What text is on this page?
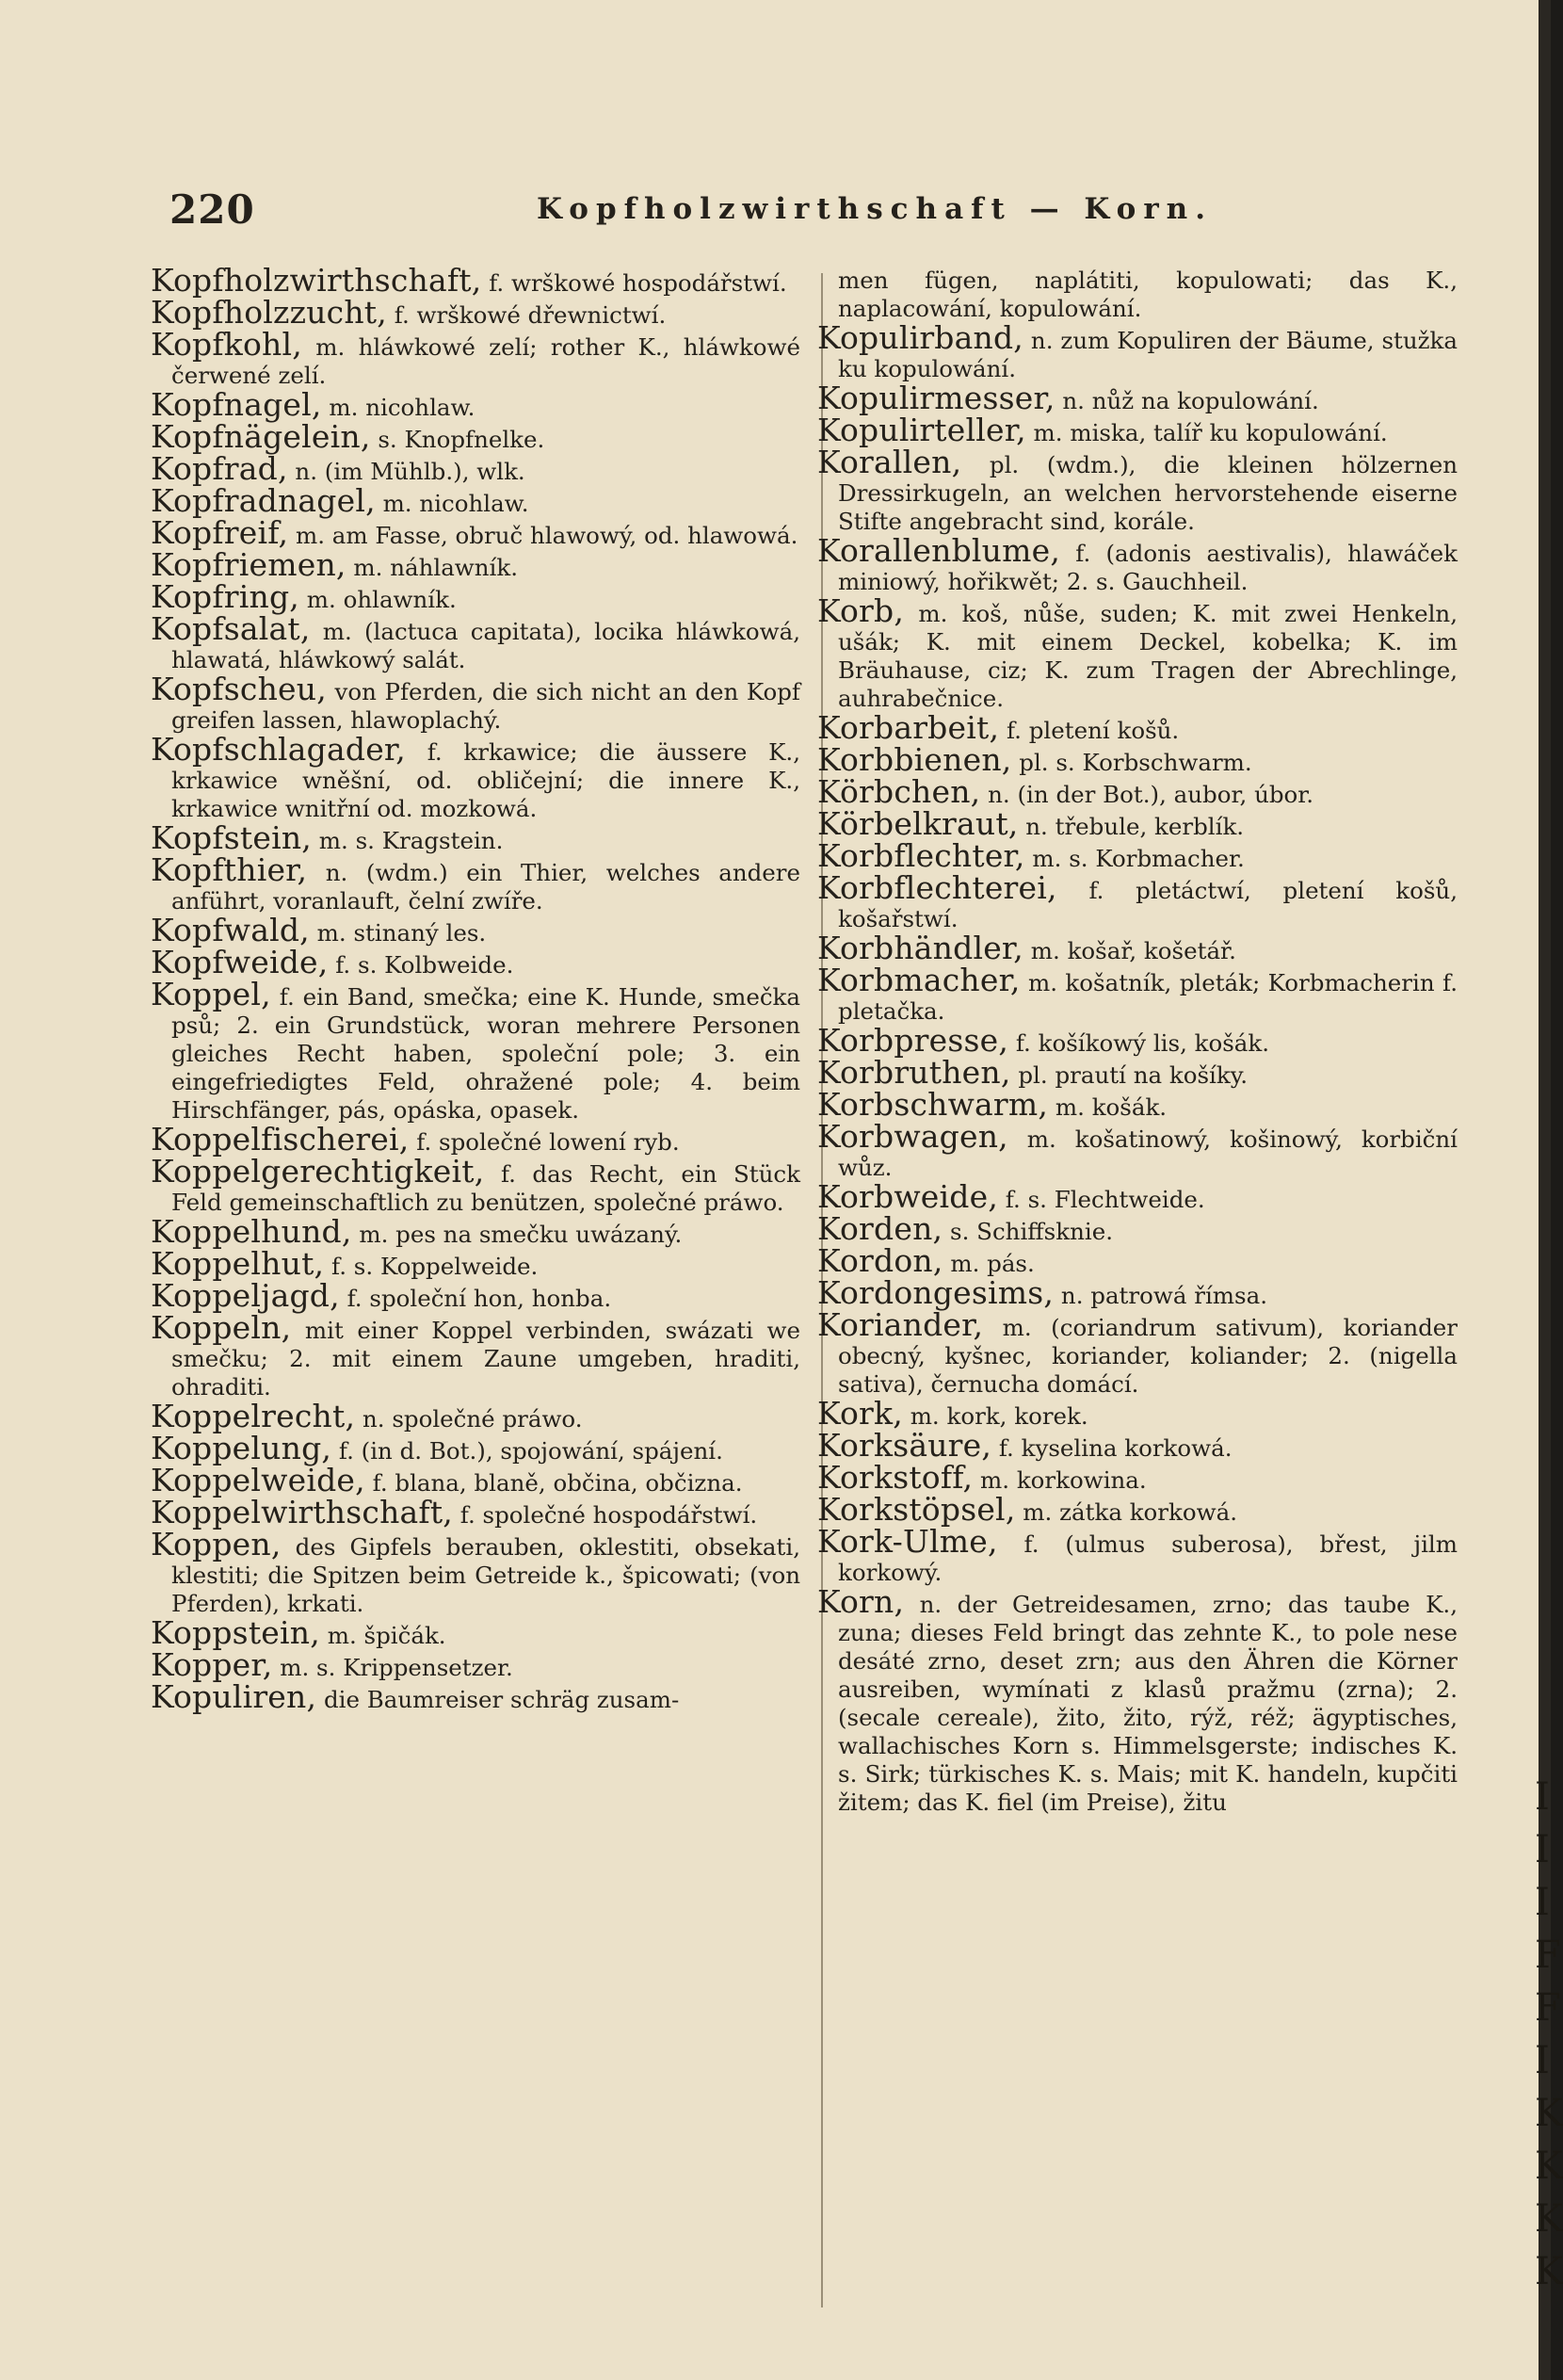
220	Kopfholzwirthschaft — Korn.
Kopfholzwirthschaft, f. wrškowé hospodářstwí.
Kopfholzzucht, f. wrškowé dřewnictwí.
Kopfkohl, m. hláwkowé zelí; rother K., hláwkowé čerwené zelí.
Kopfnagel, m. nicohlaw.
Kopfnägelein, s. Knopfnelke.
Kopfrad, n. (im Mühlb.), wlk.
Kopfradnagel, m. nicohlaw.
Kopfreif, m. am Fasse, obruč hlawowý, od. hlawowá.
Kopfriemen, m. náhlawník.
Kopfring, m. ohlawník.
Kopfsalat, m. (lactuca capitata), locika hláwkowá, hlawatá, hláwkowý salát.
Kopfscheu, von Pferden, die sich nicht an den Kopf greifen lassen, hlawoplachý.
Kopfschlagader, f. krkawice; die äussere K., krkawice wněšní, od. obličejní; die innere K., krkawice wnitřní od. mozkowá.
Kopfstein, m. s. Kragstein.
Kopfthier, n. (wdm.) ein Thier, welches andere anführt, voranlauft, čelní zwíře.
Kopfwald, m. stinaný les.
Kopfweide, f. s. Kolbweide.
Koppel, f. ein Band, smečka; eine K. Hunde, smečka psů; 2. ein Grundstück, woran mehrere Personen gleiches Recht haben, společní pole; 3. ein eingefriedigtes Feld, ohražené pole; 4. beim Hirschfänger, pás, opáska, opasek.
Koppelfischerei, f. společné lowení ryb.
Koppelgerechtigkeit, f. das Recht, ein Stück Feld gemeinschaftlich zu benützen, společné práwo.
Koppelhund, m. pes na smečku uwázaný.
Koppelhut, f. s. Koppelweide.
Koppeljagd, f. společní hon, honba.
Koppeln, mit einer Koppel verbinden, swázati we smečku; 2. mit einem Zaune umgeben, hraditi, ohraditi.
Koppelrecht, n. společné práwo.
Koppelung, f. (in d. Bot.), spojowání, spájení.
Koppelweide, f. blana, blaně, občina, občizna.
Koppelwirthschaft, f. společné hospodářstwí.
Koppen, des Gipfels berauben, oklestiti, obsekati, klestiti; die Spitzen beim Getreide k., špicowati; (von Pferden), krkati.
Koppstein, m. špičák.
Kopper, m. s. Krippensetzer.
Kopuliren, die Baumreiser schräg zusam-
men fügen, naplátiti, kopulowati; das K., naplacowání, kopulowání.
Kopulirband, n. zum Kopuliren der Bäume, stužka ku kopulowání.
Kopulirmesser, n. nůž na kopulowání.
Kopulirteller, m. miska, talíř ku kopulowání.
Korallen, pl. (wdm.), die kleinen hölzernen Dressirkugeln, an welchen hervorstehende eiserne Stifte angebracht sind, korále.
Korallenblume, f. (adonis aestivalis), hlawáček miniowý, hořikwět; 2. s. Gauchheil.
Korb, m. koš, nůše, suden; K. mit zwei Henkeln, ušák; K. mit einem Deckel, kobelka; K. im Bräuhause, ciz; K. zum Tragen der Abrechlinge, auhrabečnice.
Korbarbeit, f. pletení košů.
Korbbienen, pl. s. Korbschwarm.
Körbchen, n. (in der Bot.), aubor, úbor.
Körbelkraut, n. třebule, kerblík.
Korbflechter, m. s. Korbmacher.
Korbflechterei, f. pletáctwí, pletení košů, košařstwí.
Korbhändler, m. košař, košetář.
Korbmacher, m. košatník, pleták; Korbmacherin f. pletačka.
Korbpresse, f. košíkowý lis, košák.
Korbruthen, pl. prautí na košíky.
Korbschwarm, m. košák.
Korbwagen, m. košatinowý, košinowý, korbiční wůz.
Korbweide, f. s. Flechtweide.
Korden, s. Schiffsknie.
Kordon, m. pás.
Kordongesims, n. patrowá římsa.
Koriander, m. (coriandrum sativum), koriander obecný, kyšnec, koriander, koliander; 2. (nigella sativa), černucha domácí.
Kork, m. kork, korek.
Korksäure, f. kyselina korkowá.
Korkstoff, m. korkowina.
Korkstöpsel, m. zátka korkowá.
Kork-Ulme, f. (ulmus suberosa), břest, jilm korkowý.
Korn, n. der Getreidesamen, zrno; das taube K., zuna; dieses Feld bringt das zehnte K., to pole nese desáté zrno, deset zrn; aus den Ähren die Körner ausreiben, wymínati z klasů pražmu (zrna); 2. (secale cereale), žito, žito, rýž, réž; ägyptisches, wallachisches Korn s. Himmelsgerste; indisches K. s. Sirk; türkisches K. s. Mais; mit K. handeln, kupčiti žitem; das K. fiel (im Preise), žitu	I
I
I
F
F
I
K
K
K
K
